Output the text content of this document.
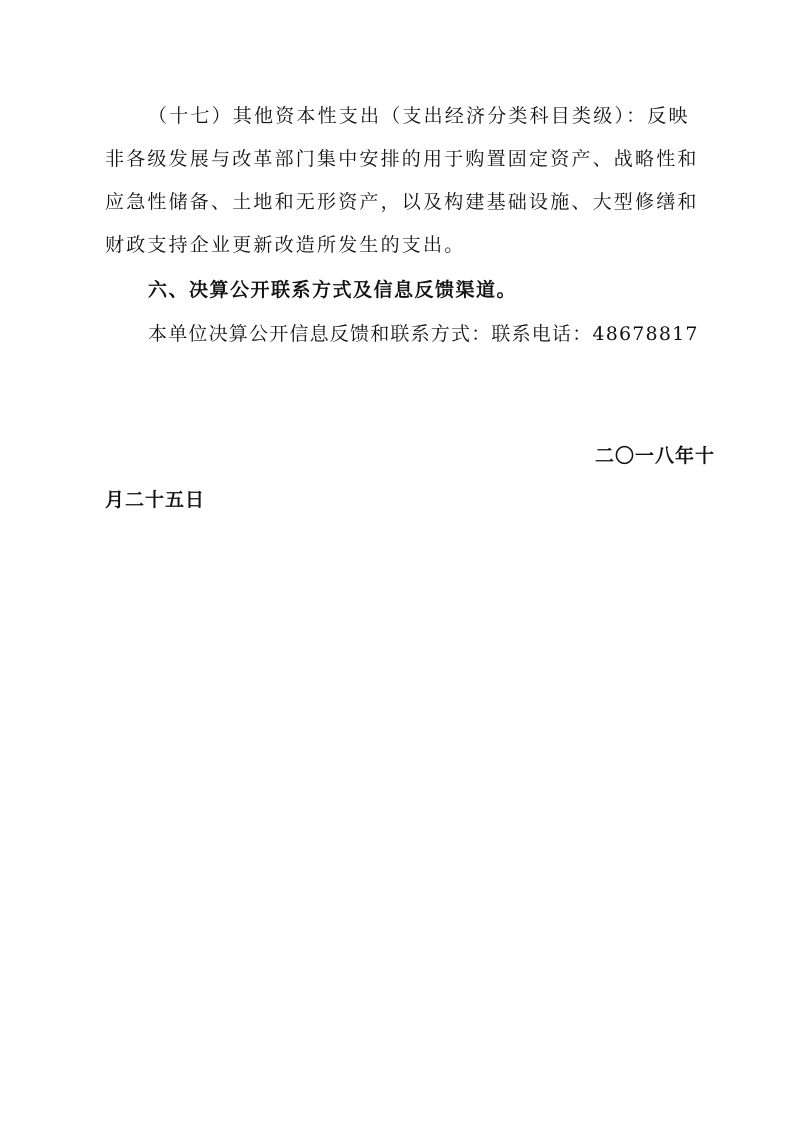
（十七）其他资本性支出（支出经济分类科目类级）：反映
非各级发展与改革部门集中安排的用于购置固定资产、战略性和
应急性储备、土地和无形资产，以及构建基础设施、大型修缮和
财政支持企业更新改造所发生的支出。
六、决算公开联系方式及信息反馈渠道。
本单位决算公开信息反馈和联系方式：联系电话：48678817
二〇一八年十
月二十五日
